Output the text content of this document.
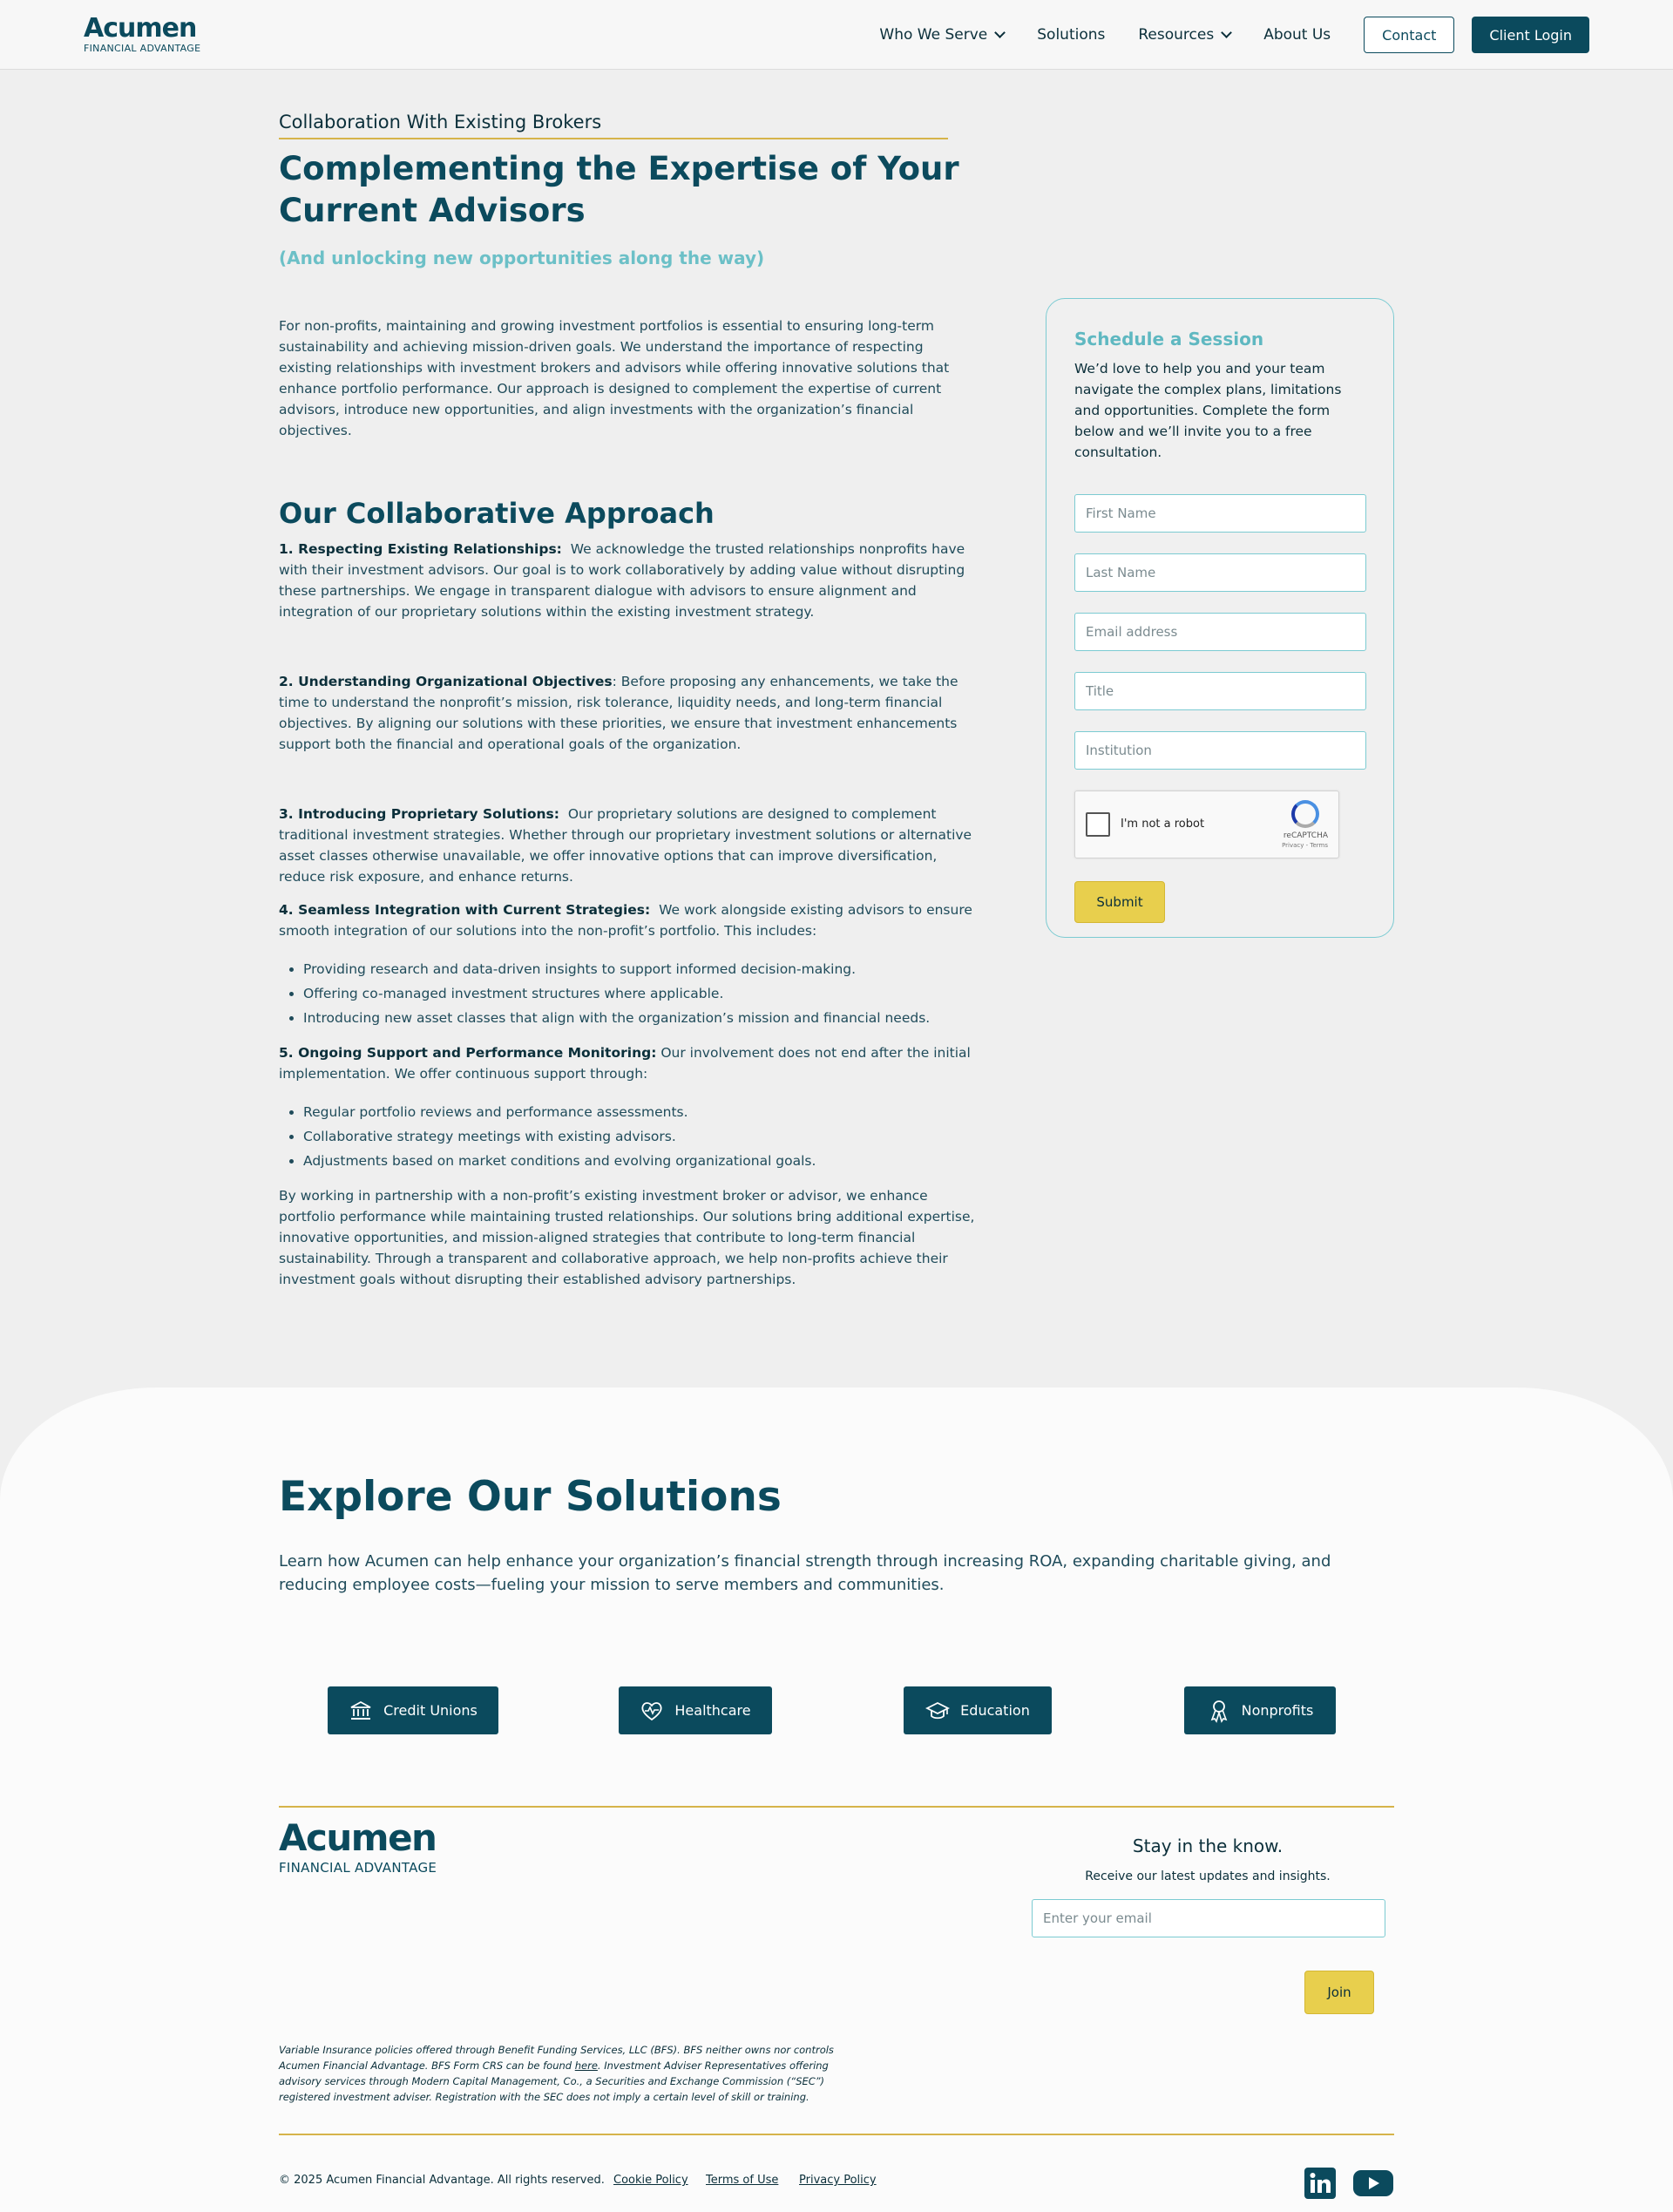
Acumen
FINANCIAL ADVANTAGE
Who We Serve	Solutions Resources	About Us	Contact	Client Login
Collaboration With Existing Brokers
Complementing the Expertise of Your Current Advisors
(And unlocking new opportunities along the way)

For non-profits, maintaining and growing investment portfolios is essential to ensuring long-term sustainability and achieving mission-driven goals. We understand the importance of respecting existing relationships with investment brokers and advisors while offering innovative solutions that enhance portfolio performance. Our approach is designed to complement the expertise of current advisors, introduce new opportunities, and align investments with the organization’s financial objectives.

Our Collaborative Approach

1. Respecting Existing Relationships: We acknowledge the trusted relationships nonprofits have with their investment advisors. Our goal is to work collaboratively by adding value without disrupting these partnerships. We engage in transparent dialogue with advisors to ensure alignment and integration of our proprietary solutions within the existing investment strategy.

2. Understanding Organizational Objectives: Before proposing any enhancements, we take the time to understand the nonprofit’s mission, risk tolerance, liquidity needs, and long-term financial objectives. By aligning our solutions with these priorities, we ensure that investment enhancements support both the financial and operational goals of the organization.

3. Introducing Proprietary Solutions: Our proprietary solutions are designed to complement traditional investment strategies. Whether through our proprietary investment solutions or alternative asset classes otherwise unavailable, we offer innovative options that can improve diversification, reduce risk exposure, and enhance returns.

4. Seamless Integration with Current Strategies: We work alongside existing advisors to ensure smooth integration of our solutions into the non-profit’s portfolio. This includes:

• Providing research and data-driven insights to support informed decision-making.
• Offering co-managed investment structures where applicable.
• Introducing new asset classes that align with the organization’s mission and financial needs.

5. Ongoing Support and Performance Monitoring: Our involvement does not end after the initial implementation. We offer continuous support through:

• Regular portfolio reviews and performance assessments.
• Collaborative strategy meetings with existing advisors.
• Adjustments based on market conditions and evolving organizational goals.

By working in partnership with a non-profit’s existing investment broker or advisor, we enhance portfolio performance while maintaining trusted relationships. Our solutions bring additional expertise, innovative opportunities, and mission-aligned strategies that contribute to long-term financial sustainability. Through a transparent and collaborative approach, we help non-profits achieve their investment goals without disrupting their established advisory partnerships.

Schedule a Session
We’d love to help you and your team navigate the complex plans, limitations and opportunities. Complete the form below and we’ll invite you to a free consultation.
First Name
Last Name
Email address
Title
Institution
I'm not a robot
reCAPTCHA
Privacy - Terms
Submit
Explore Our Solutions

Learn how Acumen can help enhance your organization’s financial strength through increasing ROA, expanding charitable giving, and reducing employee costs—fueling your mission to serve members and communities.

Credit Unions	Healthcare	Education	Nonprofits
Acumen
FINANCIAL ADVANTAGE
Stay in the know.
Receive our latest updates and insights.
Enter your email
Join

Variable Insurance policies offered through Benefit Funding Services, LLC (BFS). BFS neither owns nor controls Acumen Financial Advantage. BFS Form CRS can be found here. Investment Adviser Representatives offering advisory services through Modern Capital Management, Co., a Securities and Exchange Commission (“SEC”) registered investment adviser. Registration with the SEC does not imply a certain level of skill or training.

© 2025 Acumen Financial Advantage. All rights reserved. Cookie Policy Terms of Use Privacy Policy
